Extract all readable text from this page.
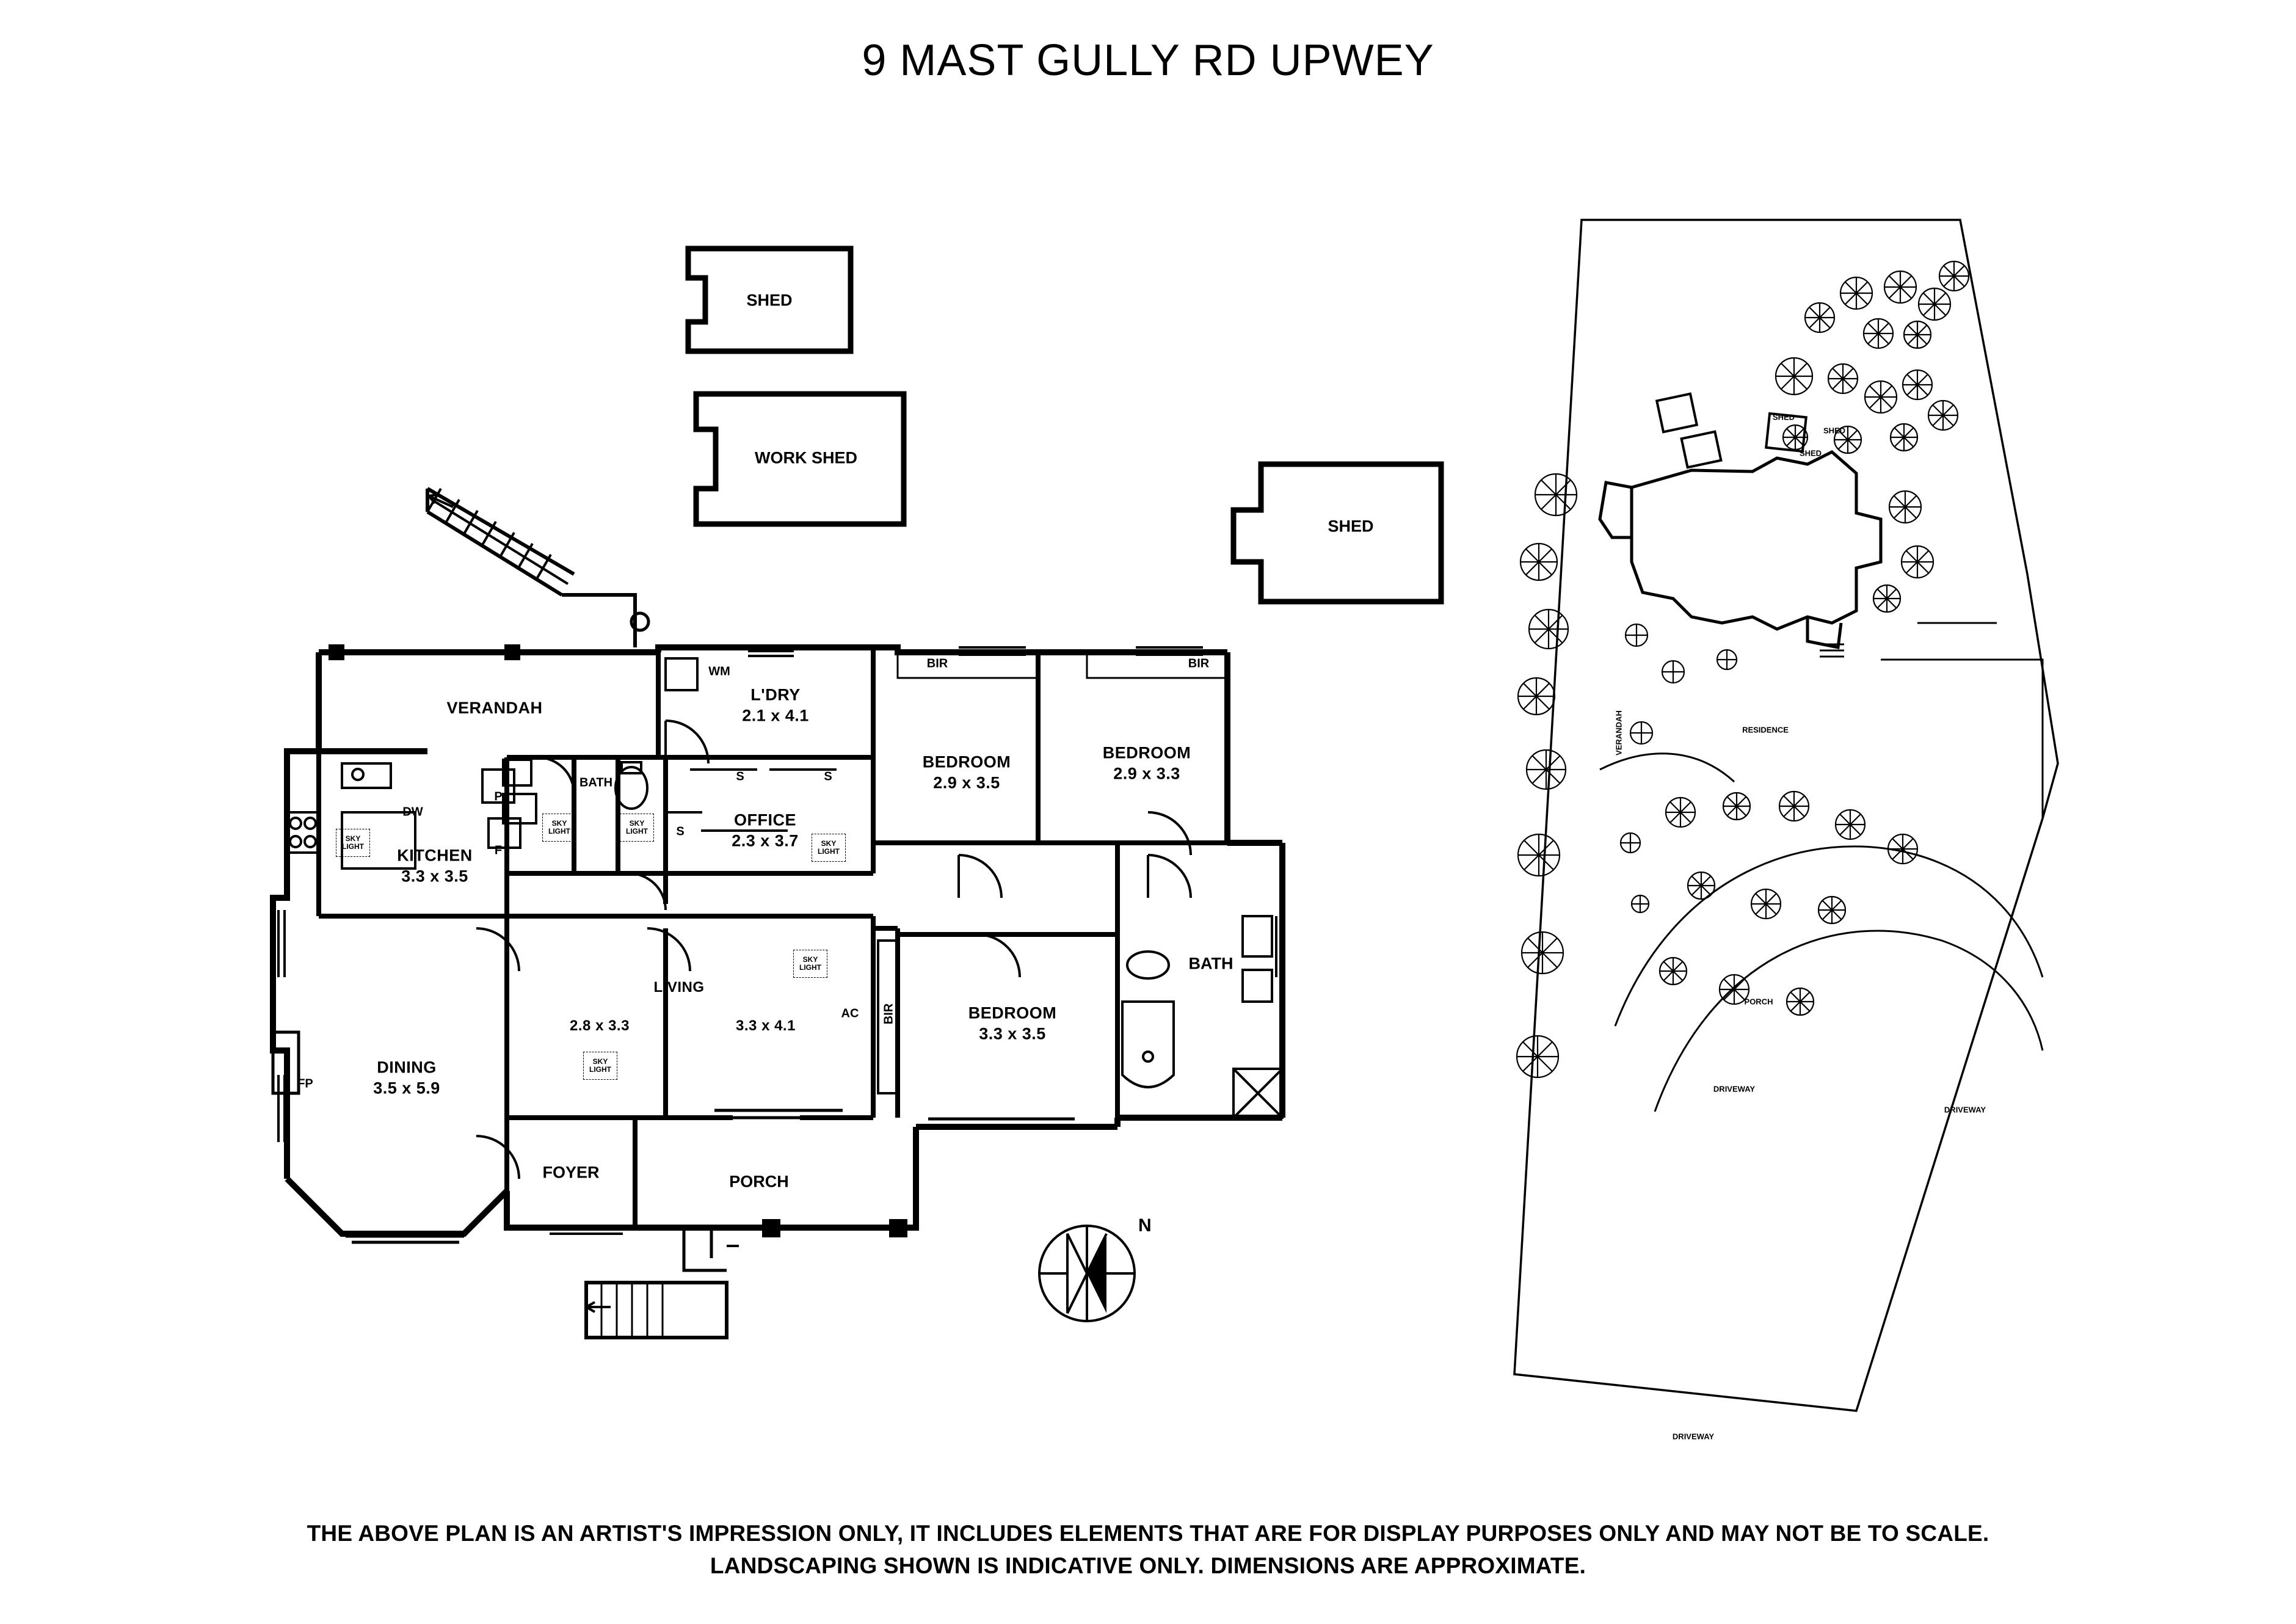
9 MAST GULLY RD UPWEY
VERANDAH
WM
L'DRY
2.1 x 4.1
BIR	BIR
BEDROOM
2.9 x 3.5
BEDROOM
2.9 x 3.3
BATH
DW
P
F
S	S
S
KITCHEN
3.3 x 3.5
OFFICE
2.3 x 3.7
LIVING
2.8 x 3.3	3.3 x 4.1
AC BIR	BEDROOM
3.3 x 3.5
BATH
DINING
3.5 x 5.9
FP
FOYER	PORCH
SHED
WORK SHED
SHED
SKY LIGHT
SKY LIGHT
SKY LIGHT
SKY LIGHT
SKY LIGHT
SKY LIGHT
N
SHED
SHED
SHED
RESIDENCE
VERANDAH
PORCH
DRIVEWAY
DRIVEWAY
DRIVEWAY
THE ABOVE PLAN IS AN ARTIST'S IMPRESSION ONLY, IT INCLUDES ELEMENTS THAT ARE FOR DISPLAY PURPOSES ONLY AND MAY NOT BE TO SCALE.
LANDSCAPING SHOWN IS INDICATIVE ONLY. DIMENSIONS ARE APPROXIMATE.
